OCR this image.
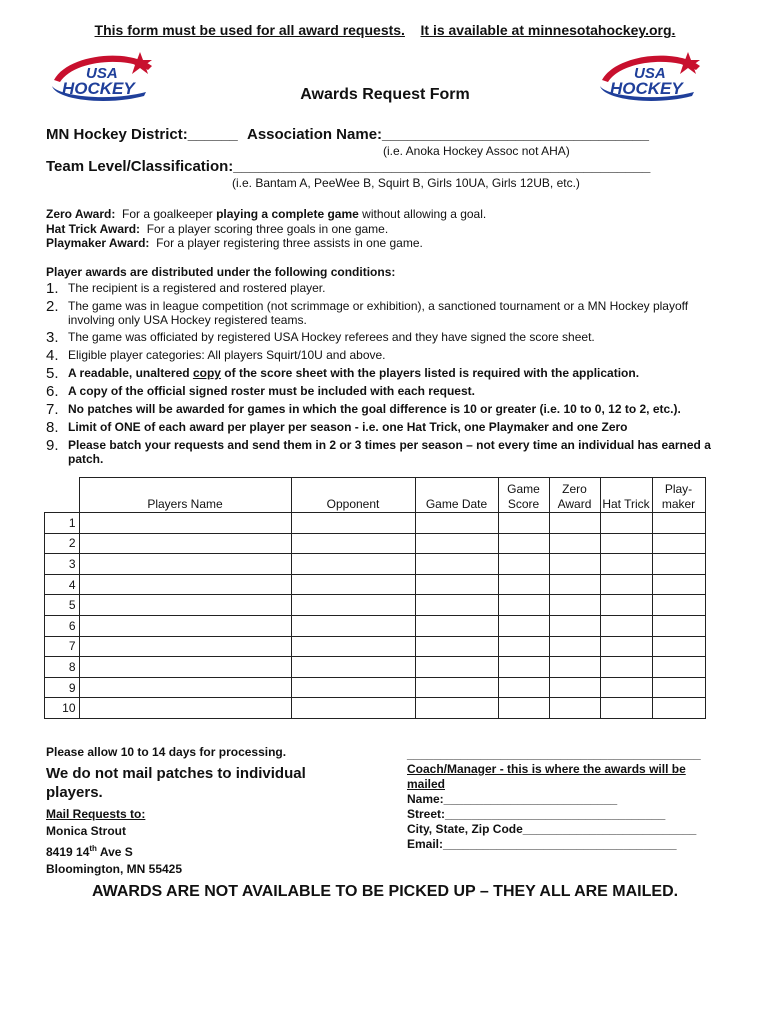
This form must be used for all award requests. It is available at minnesotahockey.org.
USA
HOCKEY
USA
HOCKEY
Awards Request Form
MN Hockey District:______ Association Name:________________________________
(i.e. Anoka Hockey Assoc not AHA)
Team Level/Classification:__________________________________________________
(i.e. Bantam A, PeeWee B, Squirt B, Girls 10UA, Girls 12UB, etc.)
Zero Award: For a goalkeeper playing a complete game without allowing a goal.
Hat Trick Award: For a player scoring three goals in one game.
Playmaker Award: For a player registering three assists in one game.
Player awards are distributed under the following conditions:
1. The recipient is a registered and rostered player.
2. The game was in league competition (not scrimmage or exhibition), a sanctioned tournament or a MN Hockey playoff involving only USA Hockey registered teams.
3. The game was officiated by registered USA Hockey referees and they have signed the score sheet.
4. Eligible player categories: All players Squirt/10U and above.
5. A readable, unaltered copy of the score sheet with the players listed is required with the application.
6. A copy of the official signed roster must be included with each request.
7. No patches will be awarded for games in which the goal difference is 10 or greater (i.e. 10 to 0, 12 to 2, etc.).
8. Limit of ONE of each award per player per season - i.e. one Hat Trick, one Playmaker and one Zero
9. Please batch your requests and send them in 2 or 3 times per season – not every time an individual has earned a patch.
	Players Name	Opponent	Game Date	Game Score	Zero Award	Hat Trick	Play-maker
1							
2							
3							
4							
5							
6							
7							
8							
9							
10							
Please allow 10 to 14 days for processing.
We do not mail patches to individual players.
Mail Requests to:
Monica Strout
8419 14th Ave S
Bloomington, MN 55425
____________________________________________
Coach/Manager - this is where the awards will be
mailed
Name:__________________________
Street:_________________________________
City, State, Zip Code__________________________
Email:___________________________________
AWARDS ARE NOT AVAILABLE TO BE PICKED UP – THEY ALL ARE MAILED.
